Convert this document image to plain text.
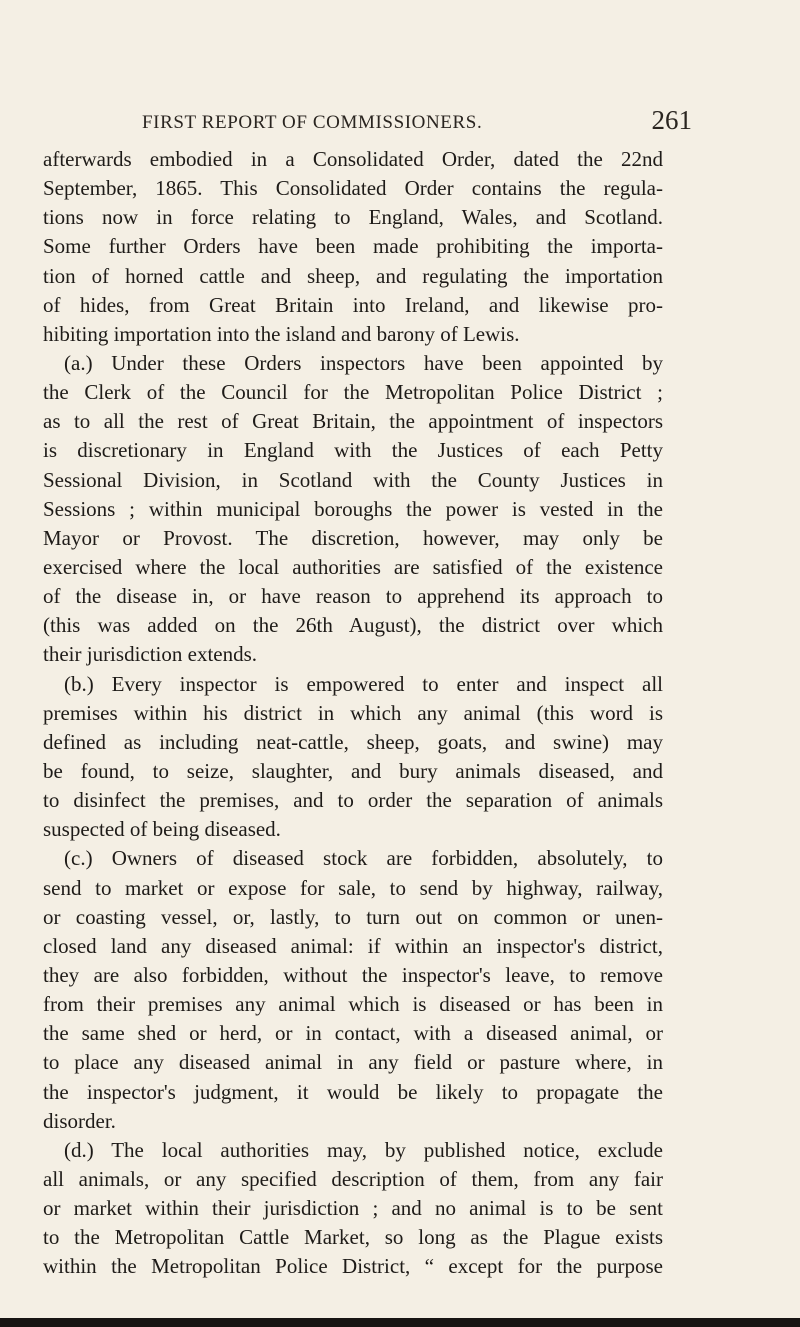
FIRST REPORT OF COMMISSIONERS.	261
afterwards embodied in a Consolidated Order, dated the 22nd
September, 1865. This Consolidated Order contains the regula-
tions now in force relating to England, Wales, and Scotland.
Some further Orders have been made prohibiting the importa-
tion of horned cattle and sheep, and regulating the importation
of hides, from Great Britain into Ireland, and likewise pro-
hibiting importation into the island and barony of Lewis.
(a.) Under these Orders inspectors have been appointed by
the Clerk of the Council for the Metropolitan Police District ;
as to all the rest of Great Britain, the appointment of inspectors
is discretionary in England with the Justices of each Petty
Sessional Division, in Scotland with the County Justices in
Sessions ; within municipal boroughs the power is vested in the
Mayor or Provost. The discretion, however, may only be
exercised where the local authorities are satisfied of the existence
of the disease in, or have reason to apprehend its approach to
(this was added on the 26th August), the district over which
their jurisdiction extends.
(b.) Every inspector is empowered to enter and inspect all
premises within his district in which any animal (this word is
defined as including neat-cattle, sheep, goats, and swine) may
be found, to seize, slaughter, and bury animals diseased, and
to disinfect the premises, and to order the separation of animals
suspected of being diseased.
(c.) Owners of diseased stock are forbidden, absolutely, to
send to market or expose for sale, to send by highway, railway,
or coasting vessel, or, lastly, to turn out on common or unen-
closed land any diseased animal: if within an inspector's district,
they are also forbidden, without the inspector's leave, to remove
from their premises any animal which is diseased or has been in
the same shed or herd, or in contact, with a diseased animal, or
to place any diseased animal in any field or pasture where, in
the inspector's judgment, it would be likely to propagate the
disorder.
(d.) The local authorities may, by published notice, exclude
all animals, or any specified description of them, from any fair
or market within their jurisdiction ; and no animal is to be sent
to the Metropolitan Cattle Market, so long as the Plague exists
within the Metropolitan Police District, “ except for the purpose
